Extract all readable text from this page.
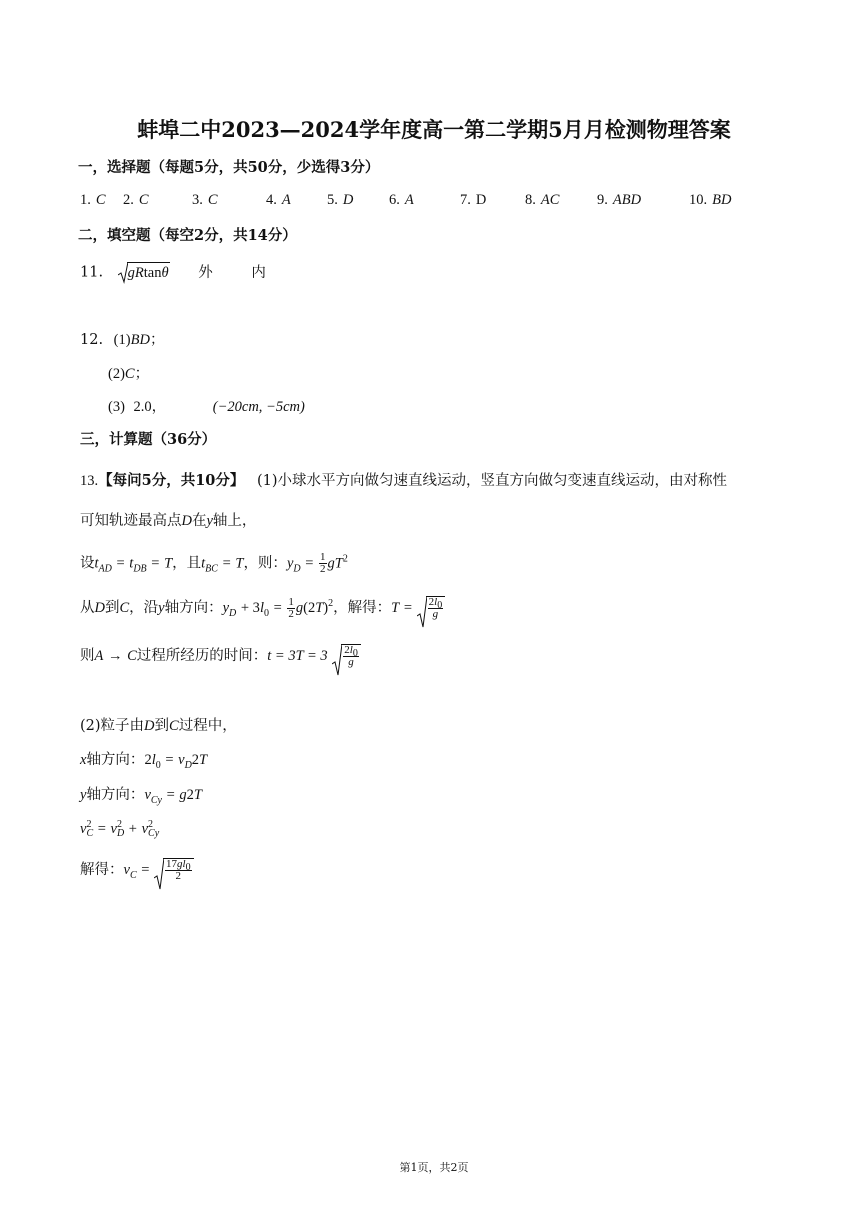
蚌埠二中2023—2024学年度高一第二学期5月月检测物理答案
一，选择题（每题5分，共50分，少选得3分）
1. C 2. C	3. C	4. A	5. D 6. A	7. D	8. AC	9. ABD	10. BD
二，填空题（每空2分，共14分）
11. gRtanθ 外	内
12. (1)BD；
(2)C；
(3) 2.0，	(−20cm, −5cm)
三，计算题（36分）
13.【每问5分，共10分】 (1)小球水平方向做匀速直线运动，竖直方向做匀变速直线运动，由对称性
可知轨迹最高点D在y轴上，
设$t_{AD} = t_{DB} = T$，且$t_{BC} = T$，则：$y_D = \frac{1}{2} gT^2$
从D到C，沿y轴方向：$y_D + 3l_0 = \frac{1}{2} g(2T)^2$，解得：$T = \frac{2l_0}{g}$
则A → C过程所经历的时间：$t = 3T = 3 \frac{2l_0}{g}$
(2)粒子由D到C过程中，
x轴方向：$2l_0 = v_D2T$
y轴方向：$v_{Cy} = g2T$
v 2
C = v 2
D + v 2
Cy
解得：$v_C = \frac{17gl_0}{2}$
第1页，共2页
